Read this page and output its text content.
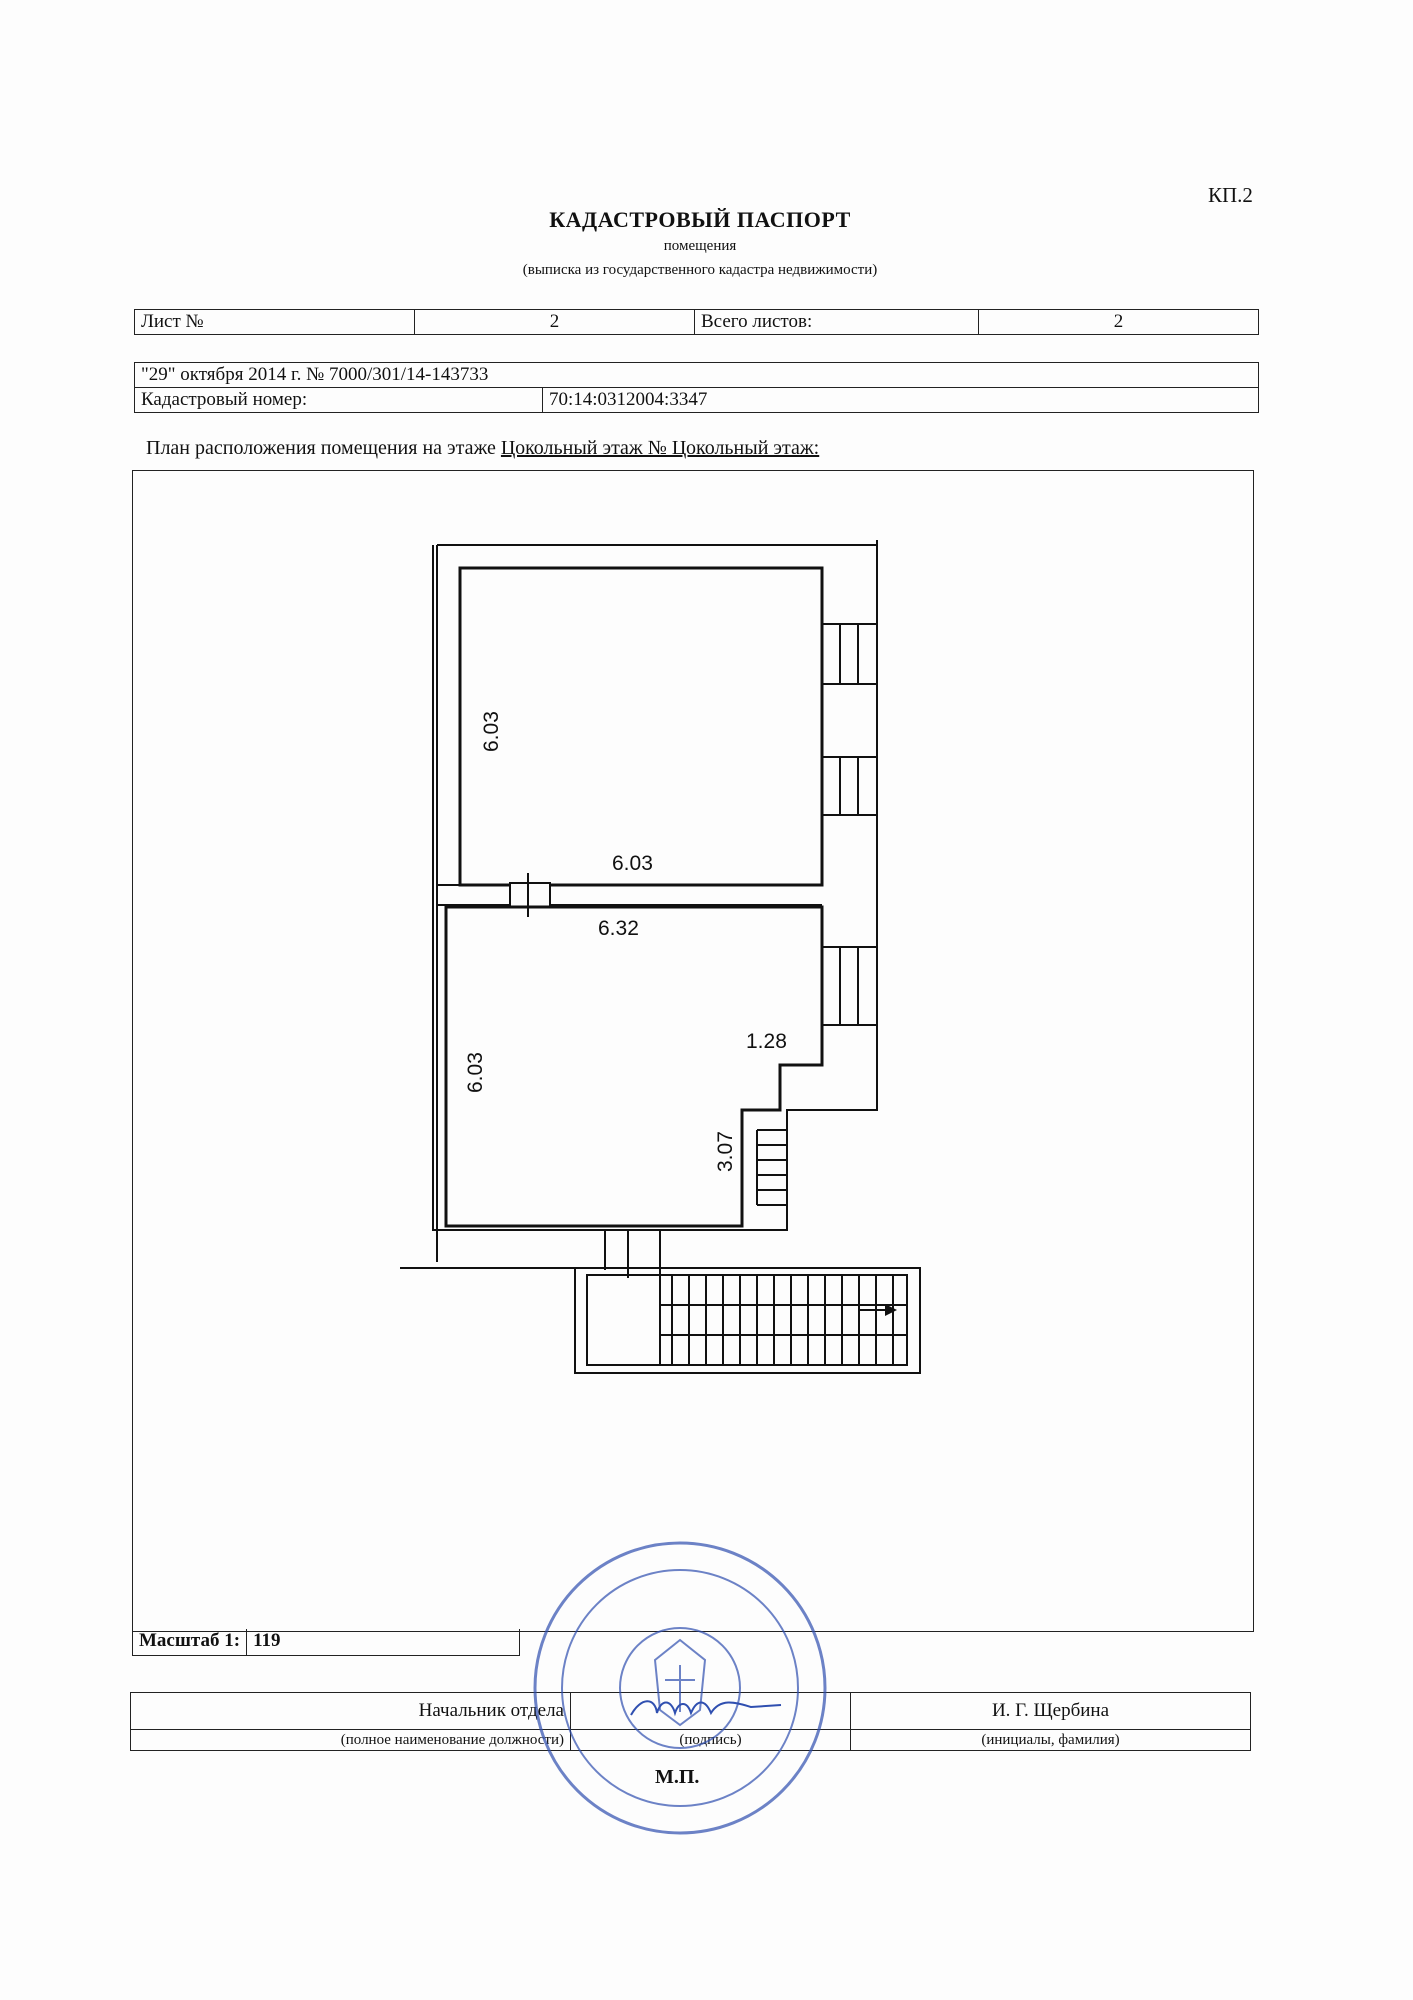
КП.2
КАДАСТРОВЫЙ ПАСПОРТ
помещения
(выписка из государственного кадастра недвижимости)
Лист №	2	Всего листов:	2
"29" октября 2014 г. № 7000/301/14-143733
Кадастровый номер:	70:14:0312004:3347
План расположения помещения на этаже Цокольный этаж № Цокольный этаж:
6.03
6.03
6.32
6.03
1.28
3.07
Масштаб 1: 119
Начальник отдела		И. Г. Щербина
(полное наименование должности)	(подпись)	(инициалы, фамилия)
М.П.
